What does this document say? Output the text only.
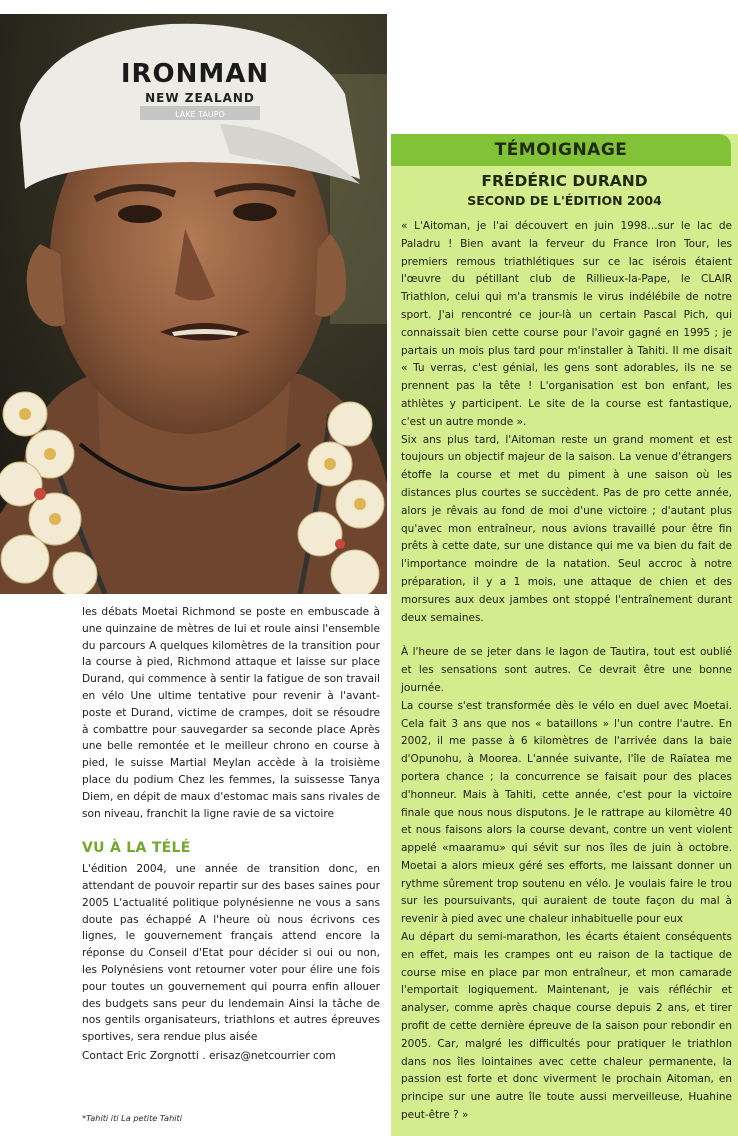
IRONMAN
NEW ZEALAND
LAKE TAUPO

les débats Moetai Richmond se poste en embuscade à une quinzaine de mètres de lui et roule ainsi l'ensemble du parcours A quelques kilomètres de la transition pour la course à pied, Richmond attaque et laisse sur place Durand, qui commence à sentir la fatigue de son travail en vélo Une ultime tentative pour revenir à l'avant-poste et Durand, victime de crampes, doit se résoudre à combattre pour sauvegarder sa seconde place Après une belle remontée et le meilleur chrono en course à pied, le suisse Martial Meylan accède à la troisième place du podium Chez les femmes, la suissesse Tanya Diem, en dépit de maux d'estomac mais sans rivales de son niveau, franchit la ligne ravie de sa victoire

VU À LA TÉLÉ

L'édition 2004, une année de transition donc, en attendant de pouvoir repartir sur des bases saines pour 2005 L'actualité politique polynésienne ne vous a sans doute pas échappé A l'heure où nous écrivons ces lignes, le gouvernement français attend encore la réponse du Conseil d'Etat pour décider si oui ou non, les Polynésiens vont retourner voter pour élire une fois pour toutes un gouvernement qui pourra enfin allouer des budgets sans peur du lendemain Ainsi la tâche de nos gentils organisateurs, triathlons et autres épreuves sportives, sera rendue plus aisée

Contact Eric Zorgnotti . erisaz@netcourrier com
*Tahiti iti La petite Tahiti
TÉMOIGNAGE
FRÉDÉRIC DURAND
SECOND DE L'ÉDITION 2004

« L'Aitoman, je l'ai découvert en juin 1998…sur le lac de Paladru ! Bien avant la ferveur du France Iron Tour, les premiers remous triathlétiques sur ce lac isérois étaient l'œuvre du pétillant club de Rillieux-la-Pape, le CLAIR Triathlon, celui qui m'a transmis le virus indélébile de notre sport. J'ai rencontré ce jour-là un certain Pascal Pich, qui connaissait bien cette course pour l'avoir gagné en 1995 ; je partais un mois plus tard pour m'installer à Tahiti. Il me disait « Tu verras, c'est génial, les gens sont adorables, ils ne se prennent pas la tête ! L'organisation est bon enfant, les athlètes y participent. Le site de la course est fantastique, c'est un autre monde ».

Six ans plus tard, l'Aitoman reste un grand moment et est toujours un objectif majeur de la saison. La venue d'étrangers étoffe la course et met du piment à une saison où les distances plus courtes se succèdent. Pas de pro cette année, alors je rêvais au fond de moi d'une victoire ; d'autant plus qu'avec mon entraîneur, nous avions travaillé pour être fin prêts à cette date, sur une distance qui me va bien du fait de l'importance moindre de la natation. Seul accroc à notre préparation, il y a 1 mois, une attaque de chien et des morsures aux deux jambes ont stoppé l'entraînement durant deux semaines.

À l'heure de se jeter dans le lagon de Tautira, tout est oublié et les sensations sont autres. Ce devrait être une bonne journée.

La course s'est transformée dès le vélo en duel avec Moetai. Cela fait 3 ans que nos « bataillons » l'un contre l'autre. En 2002, il me passe à 6 kilomètres de l'arrivée dans la baie d'Opunohu, à Moorea. L'année suivante, l'île de Raïatea me portera chance ; la concurrence se faisait pour des places d'honneur. Mais à Tahiti, cette année, c'est pour la victoire finale que nous nous disputons. Je le rattrape au kilomètre 40 et nous faisons alors la course devant, contre un vent violent appelé «maaramu» qui sévit sur nos îles de juin à octobre. Moetai a alors mieux géré ses efforts, me laissant donner un rythme sûrement trop soutenu en vélo. Je voulais faire le trou sur les poursuivants, qui auraient de toute façon du mal à revenir à pied avec une chaleur inhabituelle pour eux

Au départ du semi-marathon, les écarts étaient conséquents en effet, mais les crampes ont eu raison de la tactique de course mise en place par mon entraîneur, et mon camarade l'emportait logiquement. Maintenant, je vais réfléchir et analyser, comme après chaque course depuis 2 ans, et tirer profit de cette dernière épreuve de la saison pour rebondir en 2005. Car, malgré les difficultés pour pratiquer le triathlon dans nos îles lointaines avec cette chaleur permanente, la passion est forte et donc viverment le prochain Aitoman, en principe sur une autre île toute aussi merveilleuse, Huahine peut-être ? »
